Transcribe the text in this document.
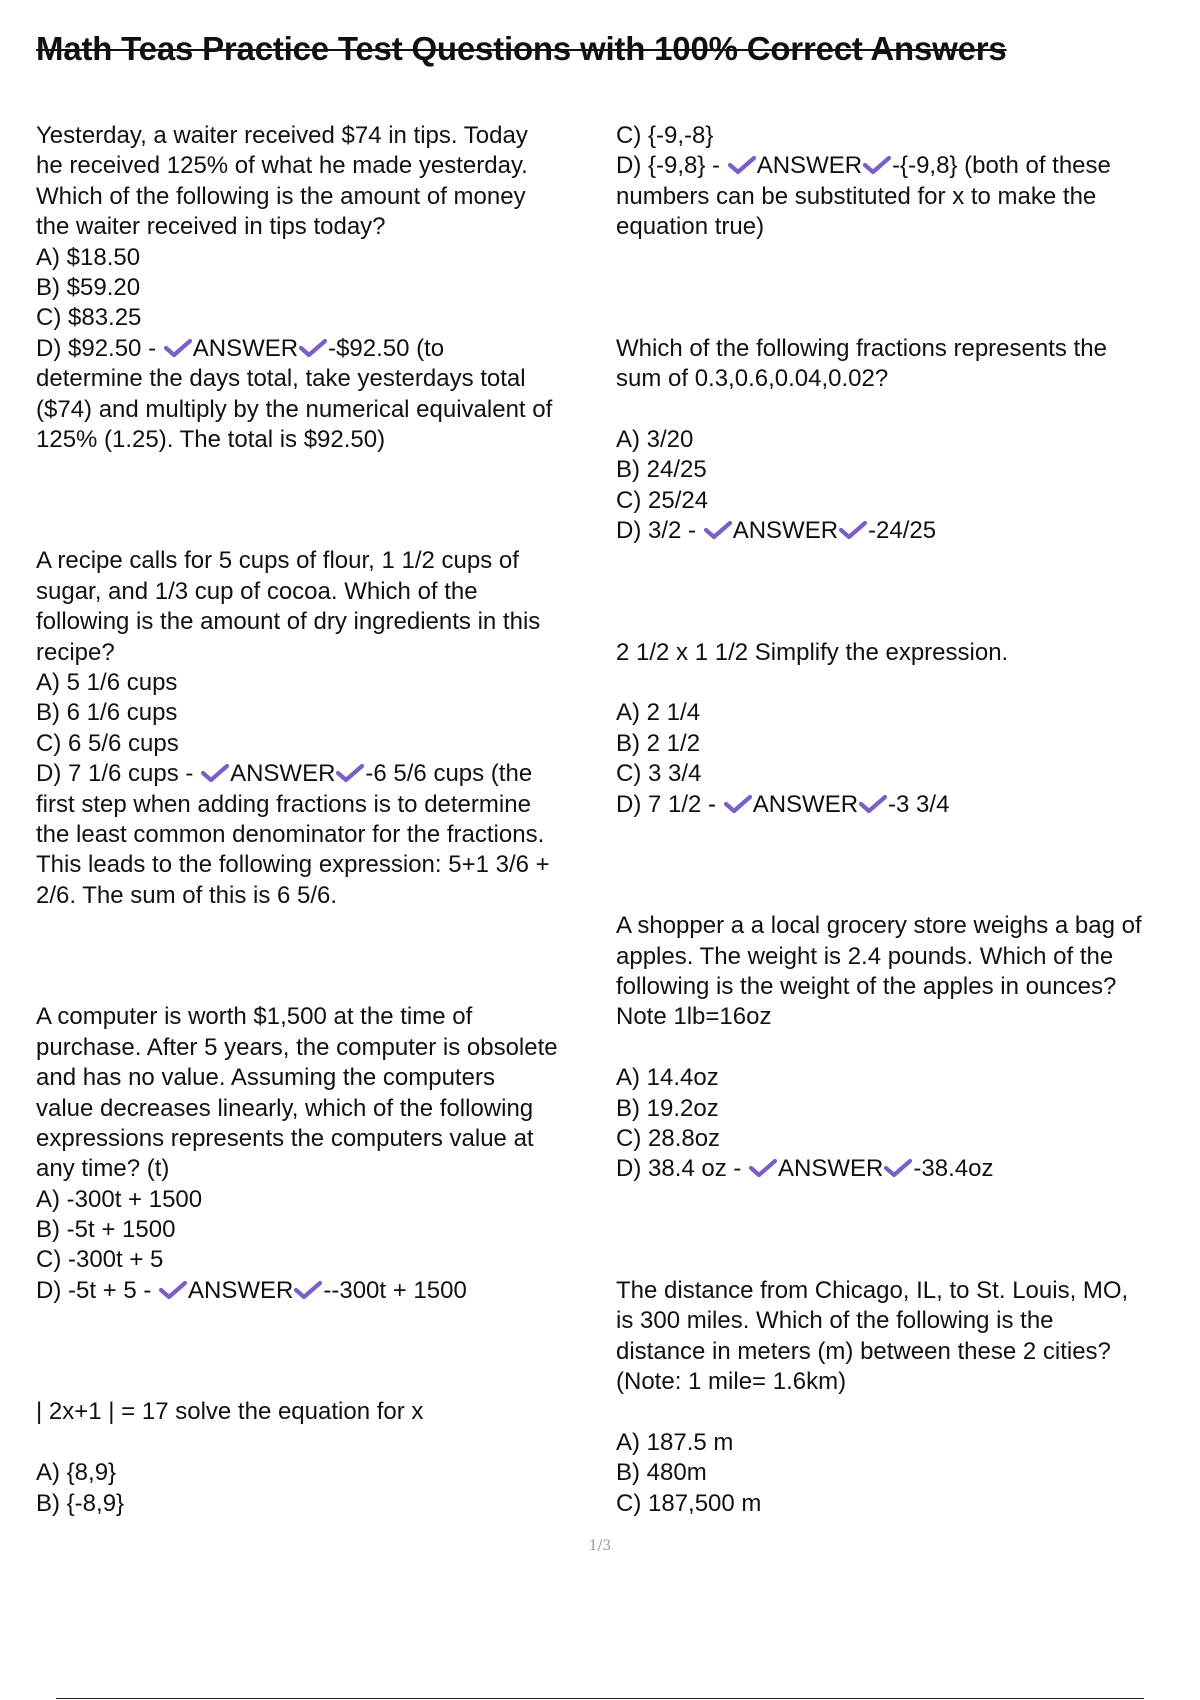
Math Teas Practice Test Questions with 100% Correct Answers
Yesterday, a waiter received $74 in tips. Today
he received 125% of what he made yesterday.
Which of the following is the amount of money
the waiter received in tips today?
A) $18.50
B) $59.20
C) $83.25
D) $92.50 -
ANSWER -$92.50 (to
determine the days total, take yesterdays total
($74) and multiply by the numerical equivalent of
125% (1.25). The total is $92.50)
A recipe calls for 5 cups of flour, 1 1/2 cups of
sugar, and 1/3 cup of cocoa. Which of the
following is the amount of dry ingredients in this
recipe?
A) 5 1/6 cups
B) 6 1/6 cups
C) 6 5/6 cups
D) 7 1/6 cups -
ANSWER -6 5/6 cups (the
first step when adding fractions is to determine
the least common denominator for the fractions.
This leads to the following expression: 5+1 3/6 +
2/6. The sum of this is 6 5/6.
A computer is worth $1,500 at the time of
purchase. After 5 years, the computer is obsolete
and has no value. Assuming the computers
value decreases linearly, which of the following
expressions represents the computers value at
any time? (t)
A) -300t + 1500
B) -5t + 1500
C) -300t + 5
D) -5t + 5 -
ANSWER --300t + 1500
| 2x+1 | = 17 solve the equation for x
A) {8,9}
B) {-8,9}
C) {-9,-8}
D) {-9,8} -
ANSWER -{-9,8} (both of these
numbers can be substituted for x to make the
equation true)
Which of the following fractions represents the
sum of 0.3,0.6,0.04,0.02?
A) 3/20
B) 24/25
C) 25/24
D) 3/2 -
ANSWER -24/25
2 1/2 x 1 1/2 Simplify the expression.
A) 2 1/4
B) 2 1/2
C) 3 3/4
D) 7 1/2 -
ANSWER -3 3/4
A shopper a a local grocery store weighs a bag of
apples. The weight is 2.4 pounds. Which of the
following is the weight of the apples in ounces?
Note 1lb=16oz
A) 14.4oz
B) 19.2oz
C) 28.8oz
D) 38.4 oz -
ANSWER -38.4oz
The distance from Chicago, IL, to St. Louis, MO,
is 300 miles. Which of the following is the
distance in meters (m) between these 2 cities?
(Note: 1 mile= 1.6km)
A) 187.5 m
B) 480m
C) 187,500 m
1/3
